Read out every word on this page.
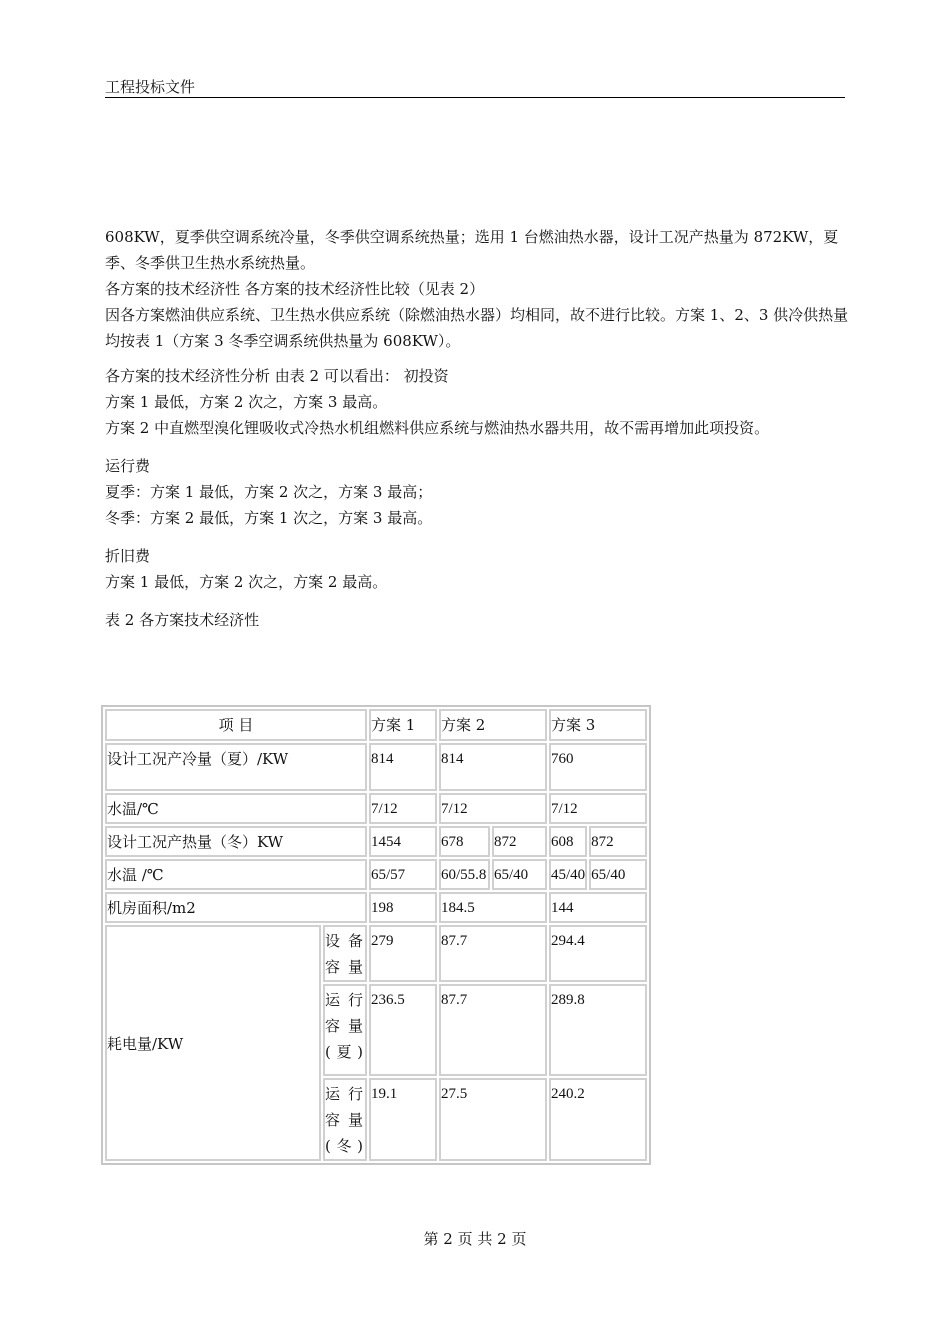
工程投标文件

608KW，夏季供空调系统冷量，冬季供空调系统热量；选用 1 台燃油热水器，设计工况产热量为 872KW，夏季、冬季供卫生热水系统热量。

各方案的技术经济性 各方案的技术经济性比较（见表 2）

因各方案燃油供应系统、卫生热水供应系统（除燃油热水器）均相同，故不进行比较。方案 1、2、3 供冷供热量均按表 1（方案 3 冬季空调系统供热量为 608KW）。

各方案的技术经济性分析 由表 2 可以看出： 初投资

方案 1 最低，方案 2 次之，方案 3 最高。

方案 2 中直燃型溴化锂吸收式冷热水机组燃料供应系统与燃油热水器共用，故不需再增加此项投资。

运行费

夏季：方案 1 最低，方案 2 次之，方案 3 最高；

冬季：方案 2 最低，方案 1 次之，方案 3 最高。

折旧费

方案 1 最低，方案 2 次之，方案 2 最高。

表 2 各方案技术经济性

项 目		方案 1	方案 2		方案 3	
设计工况产冷量（夏）/KW		814	814		760	
水温/℃		7/12	7/12		7/12	
设计工况产热量（冬）KW		1454	678	872	608	872
水温 /℃		65/57	60/55.8	65/40	45/40	65/40
机房面积/m2		198	184.5		144	
耗电量/KW	设 备容量	279	87.7		294.4	
	运行容 量(夏)	236.5	87.7		289.8	
	运 行容 量(冬)	19.1	27.5		240.2	
第 2 页 共 2 页
